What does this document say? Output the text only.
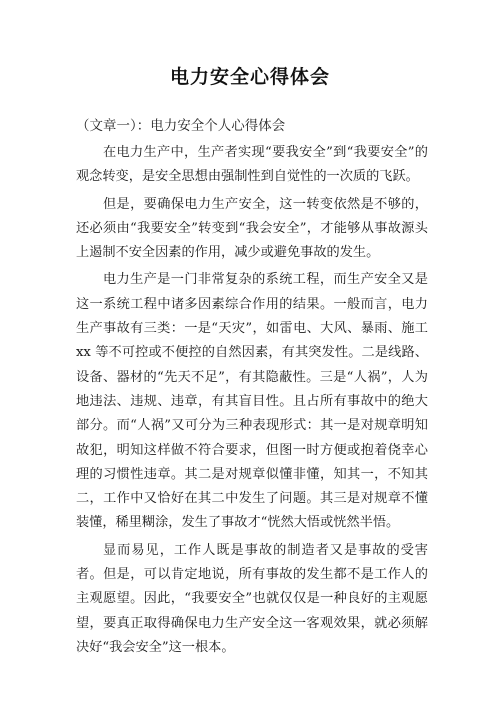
电力安全心得体会
（文章一）：电力安全个人心得体会

在电力生产中，生产者实现“要我安全”到“我要安全”的观念转变，是安全思想由强制性到自觉性的一次质的飞跃。

但是，要确保电力生产安全，这一转变依然是不够的，还必须由“我要安全”转变到“我会安全”，才能够从事故源头上遏制不安全因素的作用，减少或避免事故的发生。

电力生产是一门非常复杂的系统工程，而生产安全又是这一系统工程中诸多因素综合作用的结果。一般而言，电力生产事故有三类：一是“天灾”，如雷电、大风、暴雨、施工 xx 等不可控或不便控的自然因素，有其突发性。二是线路、设备、器材的“先天不足”，有其隐蔽性。三是“人祸”，人为地违法、违规、违章，有其盲目性。且占所有事故中的绝大部分。而“人祸”又可分为三种表现形式：其一是对规章明知故犯，明知这样做不符合要求，但图一时方便或抱着侥幸心理的习惯性违章。其二是对规章似懂非懂，知其一，不知其二，工作中又恰好在其二中发生了问题。其三是对规章不懂装懂，稀里糊涂，发生了事故才“恍然大悟或恍然半悟。

显而易见，工作人既是事故的制造者又是事故的受害者。但是，可以肯定地说，所有事故的发生都不是工作人的主观愿望。因此，“我要安全”也就仅仅是一种良好的主观愿望，要真正取得确保电力生产安全这一客观效果，就必须解决好“我会安全”这一根本。
